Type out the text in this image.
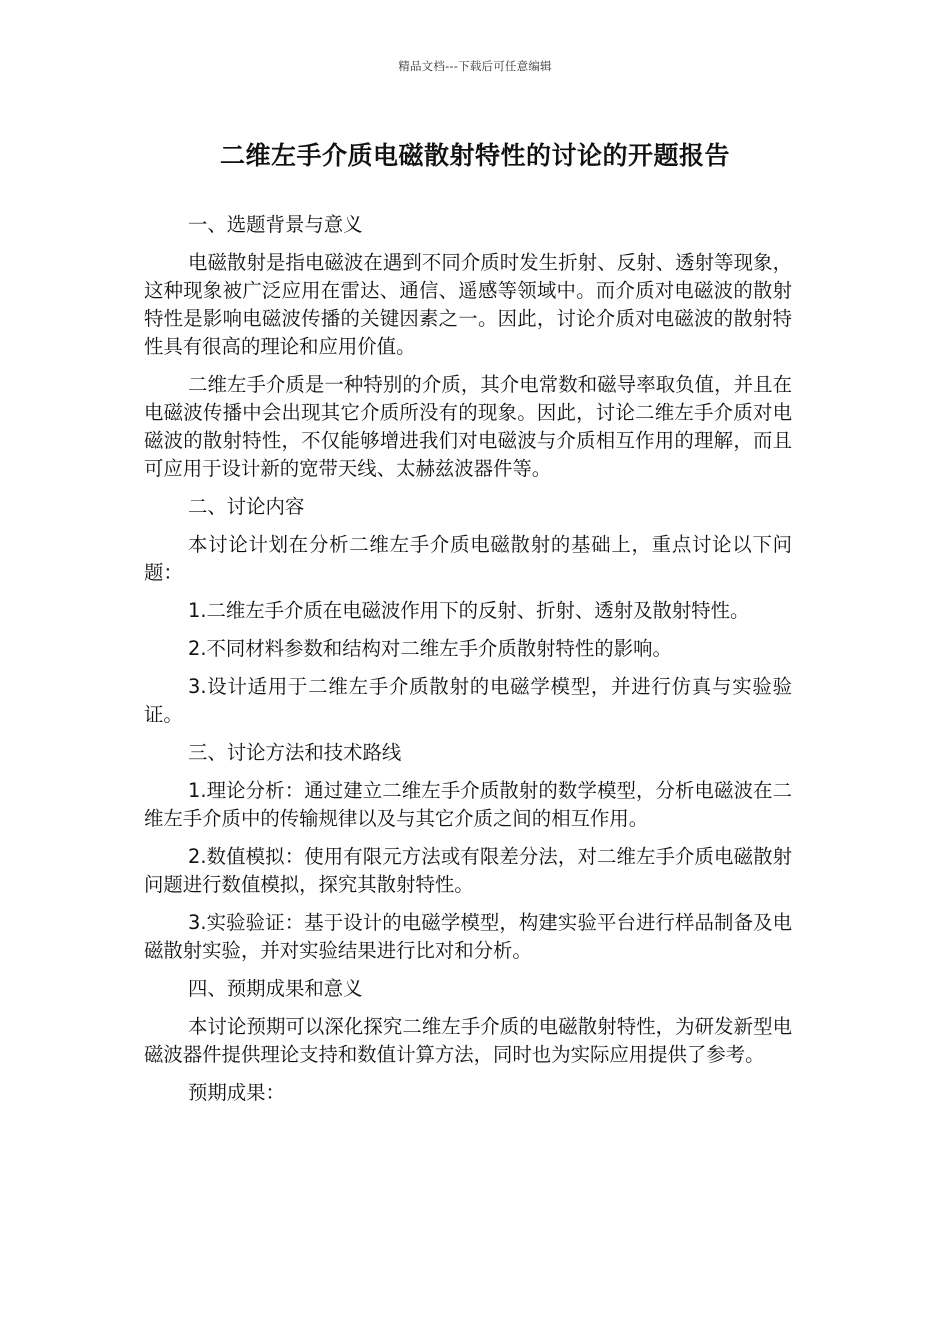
精品文档---下载后可任意编辑
二维左手介质电磁散射特性的讨论的开题报告

一、选题背景与意义

电磁散射是指电磁波在遇到不同介质时发生折射、反射、透射等现象，这种现象被广泛应用在雷达、通信、遥感等领域中。而介质对电磁波的散射特性是影响电磁波传播的关键因素之一。因此，讨论介质对电磁波的散射特性具有很高的理论和应用价值。

二维左手介质是一种特别的介质，其介电常数和磁导率取负值，并且在电磁波传播中会出现其它介质所没有的现象。因此，讨论二维左手介质对电磁波的散射特性，不仅能够增进我们对电磁波与介质相互作用的理解，而且可应用于设计新的宽带天线、太赫兹波器件等。

二、讨论内容

本讨论计划在分析二维左手介质电磁散射的基础上，重点讨论以下问题：

1.二维左手介质在电磁波作用下的反射、折射、透射及散射特性。

2.不同材料参数和结构对二维左手介质散射特性的影响。

3.设计适用于二维左手介质散射的电磁学模型，并进行仿真与实验验证。

三、讨论方法和技术路线

1.理论分析：通过建立二维左手介质散射的数学模型，分析电磁波在二维左手介质中的传输规律以及与其它介质之间的相互作用。

2.数值模拟：使用有限元方法或有限差分法，对二维左手介质电磁散射问题进行数值模拟，探究其散射特性。

3.实验验证：基于设计的电磁学模型，构建实验平台进行样品制备及电磁散射实验，并对实验结果进行比对和分析。

四、预期成果和意义

本讨论预期可以深化探究二维左手介质的电磁散射特性，为研发新型电磁波器件提供理论支持和数值计算方法，同时也为实际应用提供了参考。

预期成果：
